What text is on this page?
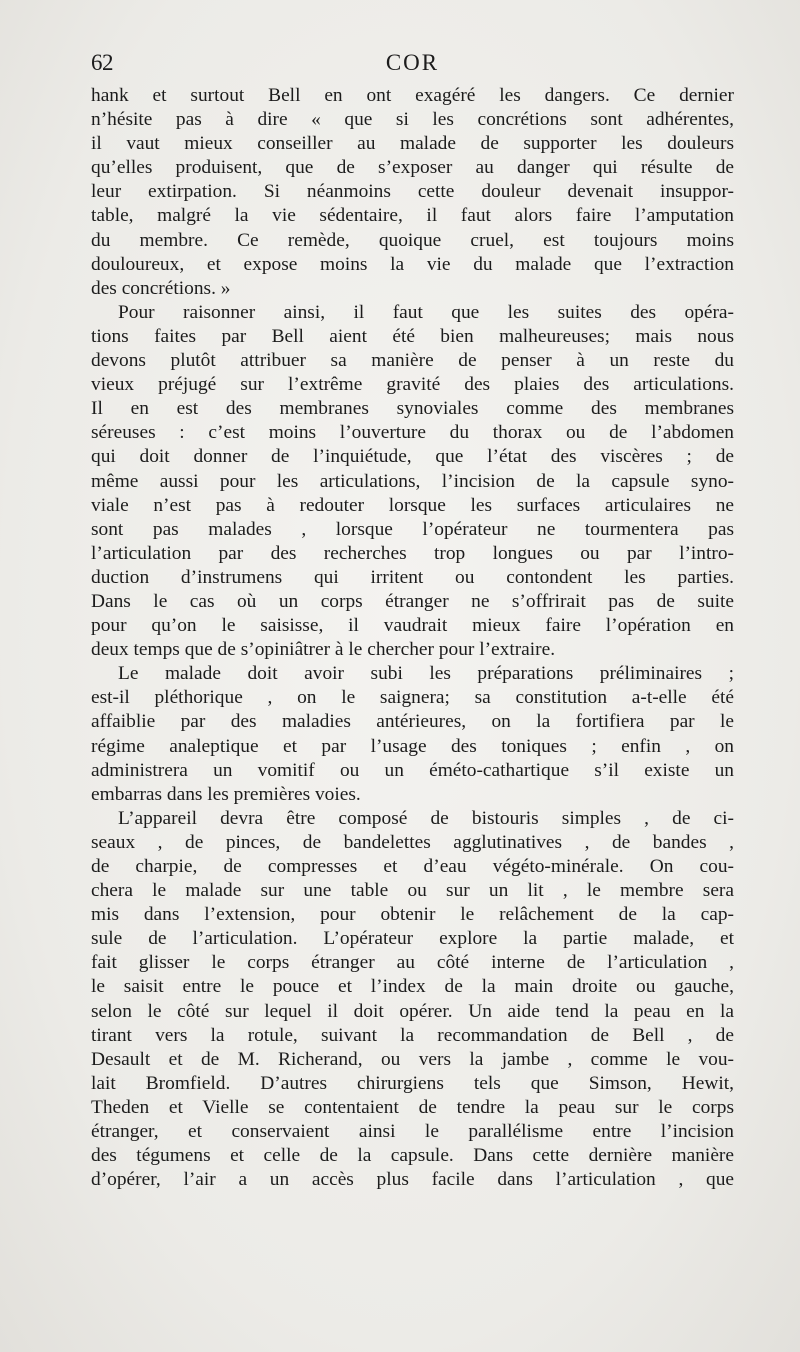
62	COR
hank et surtout Bell en ont exagéré les dangers. Ce dernier
n’hésite pas à dire « que si les concrétions sont adhérentes,
il vaut mieux conseiller au malade de supporter les douleurs
qu’elles produisent, que de s’exposer au danger qui résulte de
leur extirpation. Si néanmoins cette douleur devenait insuppor-
table, malgré la vie sédentaire, il faut alors faire l’amputation
du membre. Ce remède, quoique cruel, est toujours moins
douloureux, et expose moins la vie du malade que l’extraction
des concrétions. »
Pour raisonner ainsi, il faut que les suites des opéra-
tions faites par Bell aient été bien malheureuses; mais nous
devons plutôt attribuer sa manière de penser à un reste du
vieux préjugé sur l’extrême gravité des plaies des articulations.
Il en est des membranes synoviales comme des membranes
séreuses : c’est moins l’ouverture du thorax ou de l’abdomen
qui doit donner de l’inquiétude, que l’état des viscères ; de
même aussi pour les articulations, l’incision de la capsule syno-
viale n’est pas à redouter lorsque les surfaces articulaires ne
sont pas malades , lorsque l’opérateur ne tourmentera pas
l’articulation par des recherches trop longues ou par l’intro-
duction d’instrumens qui irritent ou contondent les parties.
Dans le cas où un corps étranger ne s’offrirait pas de suite
pour qu’on le saisisse, il vaudrait mieux faire l’opération en
deux temps que de s’opiniâtrer à le chercher pour l’extraire.
Le malade doit avoir subi les préparations préliminaires ;
est-il pléthorique , on le saignera; sa constitution a-t-elle été
affaiblie par des maladies antérieures, on la fortifiera par le
régime analeptique et par l’usage des toniques ; enfin , on
administrera un vomitif ou un éméto-cathartique s’il existe un
embarras dans les premières voies.
L’appareil devra être composé de bistouris simples , de ci-
seaux , de pinces, de bandelettes agglutinatives , de bandes ,
de charpie, de compresses et d’eau végéto-minérale. On cou-
chera le malade sur une table ou sur un lit , le membre sera
mis dans l’extension, pour obtenir le relâchement de la cap-
sule de l’articulation. L’opérateur explore la partie malade, et
fait glisser le corps étranger au côté interne de l’articulation ,
le saisit entre le pouce et l’index de la main droite ou gauche,
selon le côté sur lequel il doit opérer. Un aide tend la peau en la
tirant vers la rotule, suivant la recommandation de Bell , de
Desault et de M. Richerand, ou vers la jambe , comme le vou-
lait Bromfield. D’autres chirurgiens tels que Simson, Hewit,
Theden et Vielle se contentaient de tendre la peau sur le corps
étranger, et conservaient ainsi le parallélisme entre l’incision
des tégumens et celle de la capsule. Dans cette dernière manière
d’opérer, l’air a un accès plus facile dans l’articulation , que
